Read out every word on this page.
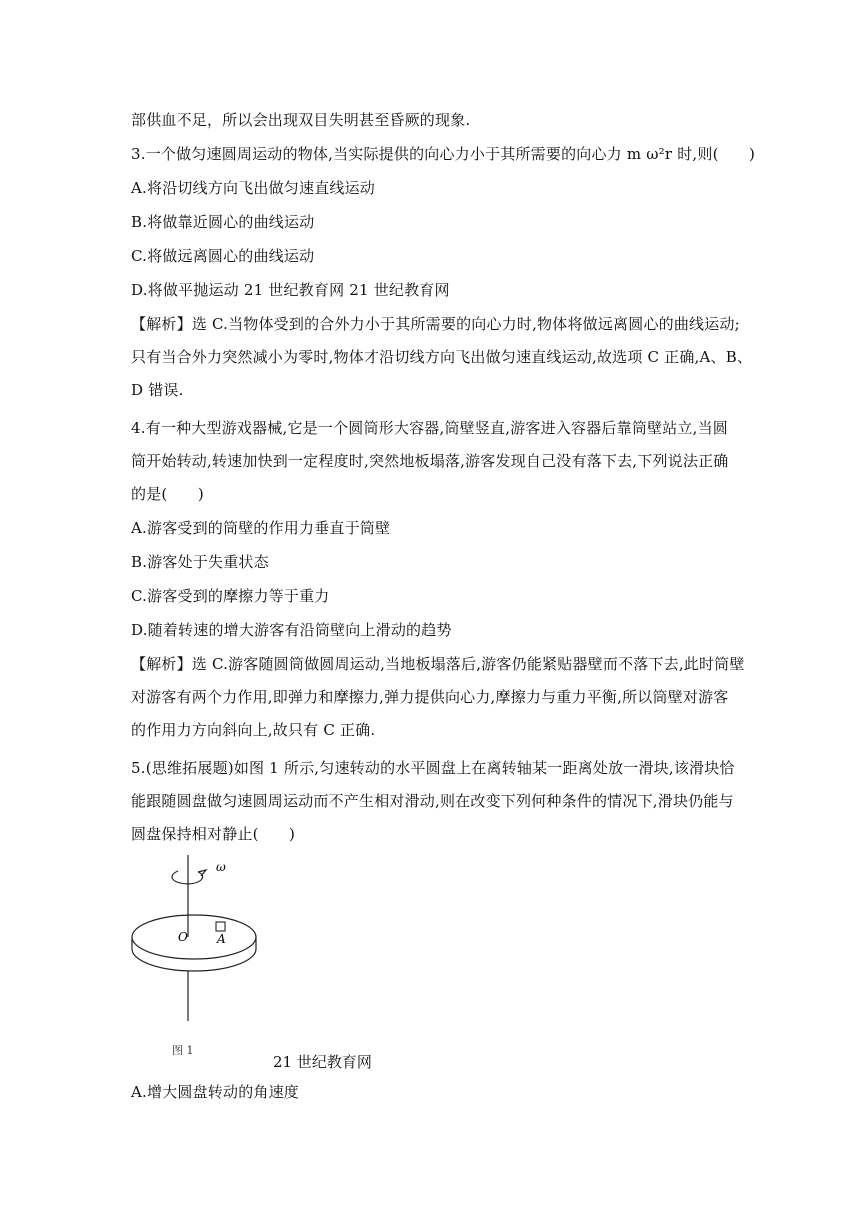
部供血不足，所以会出现双目失明甚至昏厥的现象.
3.一个做匀速圆周运动的物体,当实际提供的向心力小于其所需要的向心力 m ω²r 时,则(　　)
A.将沿切线方向飞出做匀速直线运动
B.将做靠近圆心的曲线运动
C.将做远离圆心的曲线运动
D.将做平抛运动 21 世纪教育网 21 世纪教育网
【解析】选 C.当物体受到的合外力小于其所需要的向心力时,物体将做远离圆心的曲线运动;
只有当合外力突然减小为零时,物体才沿切线方向飞出做匀速直线运动,故选项 C 正确,A、B、
D 错误.
4.有一种大型游戏器械,它是一个圆筒形大容器,筒壁竖直,游客进入容器后靠筒壁站立,当圆
筒开始转动,转速加快到一定程度时,突然地板塌落,游客发现自己没有落下去,下列说法正确
的是(　　)
A.游客受到的筒壁的作用力垂直于筒壁
B.游客处于失重状态
C.游客受到的摩擦力等于重力
D.随着转速的增大游客有沿筒壁向上滑动的趋势
【解析】选 C.游客随圆筒做圆周运动,当地板塌落后,游客仍能紧贴器壁而不落下去,此时筒壁
对游客有两个力作用,即弹力和摩擦力,弹力提供向心力,摩擦力与重力平衡,所以筒壁对游客
的作用力方向斜向上,故只有 C 正确.
5.(思维拓展题)如图 1 所示,匀速转动的水平圆盘上在离转轴某一距离处放一滑块,该滑块恰
能跟随圆盘做匀速圆周运动而不产生相对滑动,则在改变下列何种条件的情况下,滑块仍能与
圆盘保持相对静止(　　)
ω
O A
图 1
21 世纪教育网
A.增大圆盘转动的角速度
